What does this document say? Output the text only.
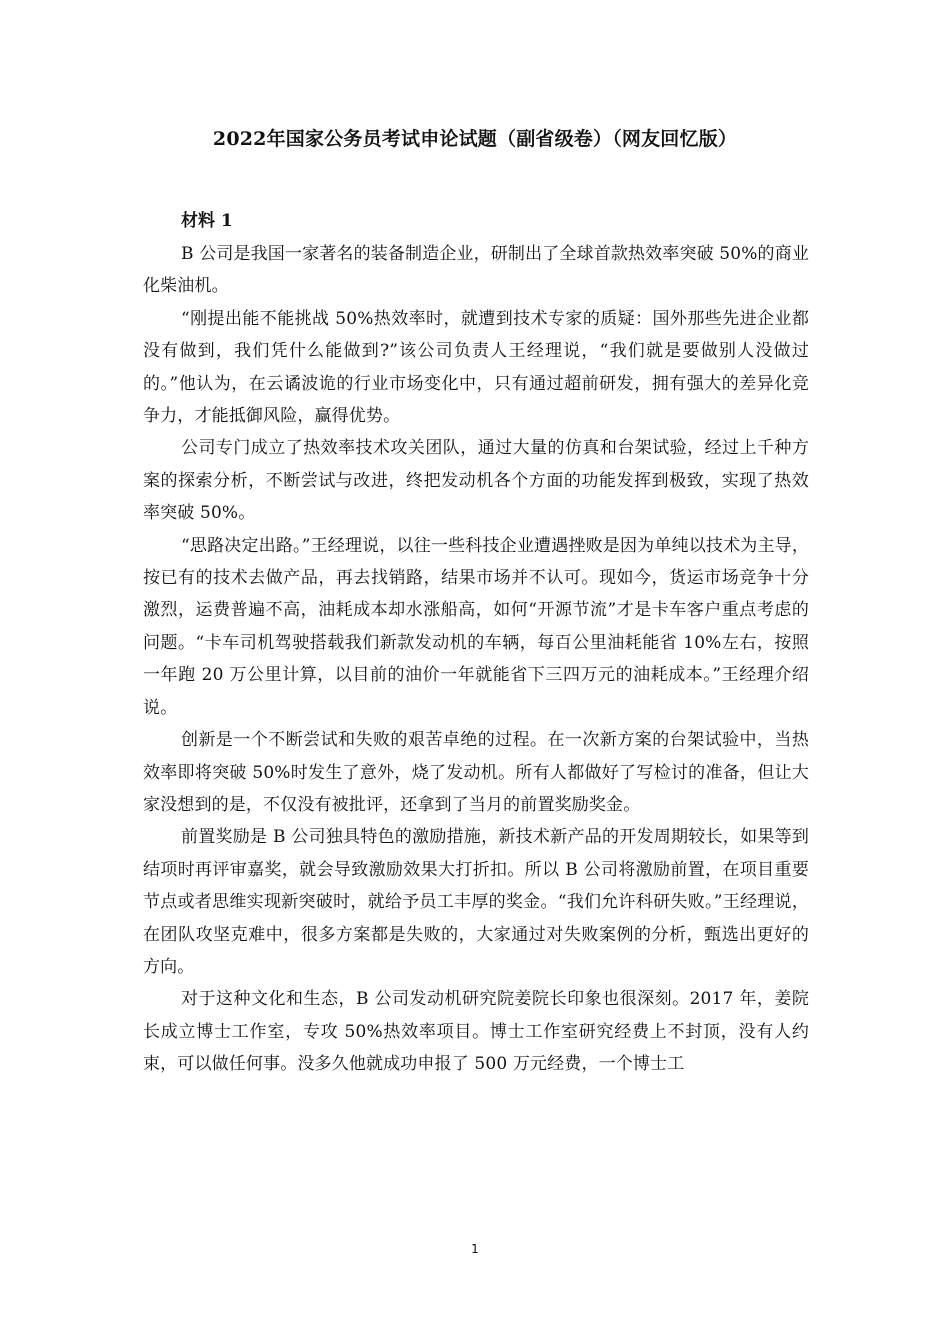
2022年国家公务员考试申论试题（副省级卷）（网友回忆版）

材料 1

B 公司是我国一家著名的装备制造企业，研制出了全球首款热效率突破 50%的商业化柴油机。

“刚提出能不能挑战 50%热效率时，就遭到技术专家的质疑：国外那些先进企业都没有做到，我们凭什么能做到?”该公司负责人王经理说，“我们就是要做别人没做过的。”他认为，在云谲波诡的行业市场变化中，只有通过超前研发，拥有强大的差异化竞争力，才能抵御风险，赢得优势。

公司专门成立了热效率技术攻关团队，通过大量的仿真和台架试验，经过上千种方案的探索分析，不断尝试与改进，终把发动机各个方面的功能发挥到极致，实现了热效率突破 50%。

“思路决定出路。”王经理说，以往一些科技企业遭遇挫败是因为单纯以技术为主导，按已有的技术去做产品，再去找销路，结果市场并不认可。现如今，货运市场竞争十分激烈，运费普遍不高，油耗成本却水涨船高，如何“开源节流”才是卡车客户重点考虑的问题。“卡车司机驾驶搭载我们新款发动机的车辆，每百公里油耗能省 10%左右，按照一年跑 20 万公里计算，以目前的油价一年就能省下三四万元的油耗成本。”王经理介绍说。

创新是一个不断尝试和失败的艰苦卓绝的过程。在一次新方案的台架试验中，当热效率即将突破 50%时发生了意外，烧了发动机。所有人都做好了写检讨的准备，但让大家没想到的是，不仅没有被批评，还拿到了当月的前置奖励奖金。

前置奖励是 B 公司独具特色的激励措施，新技术新产品的开发周期较长，如果等到结项时再评审嘉奖，就会导致激励效果大打折扣。所以 B 公司将激励前置，在项目重要节点或者思维实现新突破时，就给予员工丰厚的奖金。“我们允许科研失败。”王经理说，在团队攻坚克难中，很多方案都是失败的，大家通过对失败案例的分析，甄选出更好的方向。

对于这种文化和生态，B 公司发动机研究院姜院长印象也很深刻。2017 年，姜院长成立博士工作室，专攻 50%热效率项目。博士工作室研究经费上不封顶，没有人约束，可以做任何事。没多久他就成功申报了 500 万元经费，一个博士工

1
